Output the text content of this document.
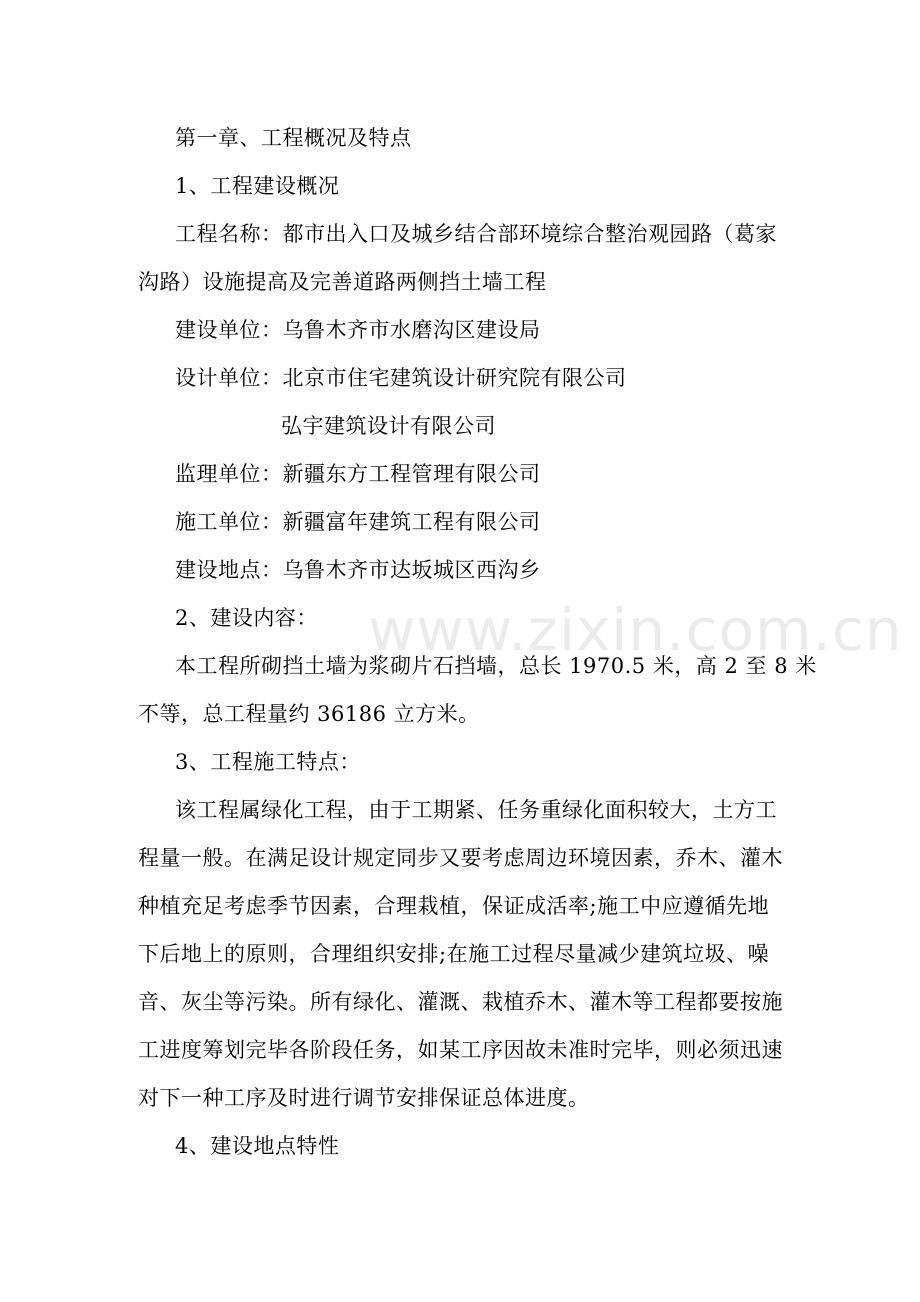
第一章、工程概况及特点
1、工程建设概况
工程名称：都市出入口及城乡结合部环境综合整治观园路（葛家
沟路）设施提高及完善道路两侧挡土墙工程
建设单位：乌鲁木齐市水磨沟区建设局
设计单位：北京市住宅建筑设计研究院有限公司
弘宇建筑设计有限公司
监理单位：新疆东方工程管理有限公司
施工单位：新疆富年建筑工程有限公司
建设地点：乌鲁木齐市达坂城区西沟乡
2、建设内容：
本工程所砌挡土墙为浆砌片石挡墙，总长 1970.5 米，高 2 至 8 米
不等，总工程量约 36186 立方米。
3、工程施工特点：
该工程属绿化工程，由于工期紧、任务重绿化面积较大，土方工
程量一般。在满足设计规定同步又要考虑周边环境因素，乔木、灌木
种植充足考虑季节因素，合理栽植，保证成活率;施工中应遵循先地
下后地上的原则，合理组织安排;在施工过程尽量减少建筑垃圾、噪
音、灰尘等污染。所有绿化、灌溉、栽植乔木、灌木等工程都要按施
工进度筹划完毕各阶段任务，如某工序因故未准时完毕，则必须迅速
对下一种工序及时进行调节安排保证总体进度。
4、建设地点特性
www.zixin.com.cn
